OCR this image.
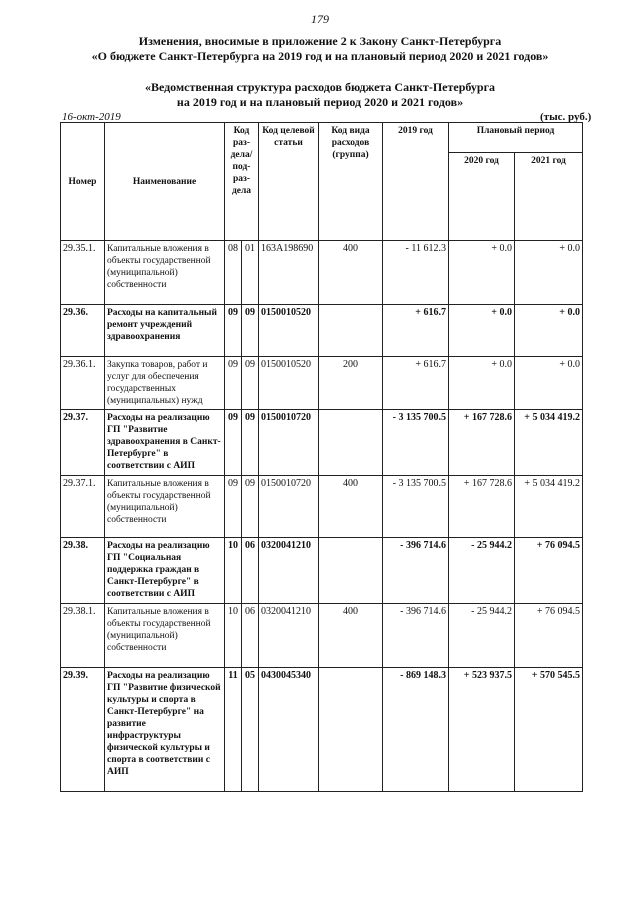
179
Изменения, вносимые в приложение 2 к Закону Санкт-Петербурга
«О бюджете Санкт-Петербурга на 2019 год и на плановый период 2020 и 2021 годов»
«Ведомственная структура расходов бюджета Санкт-Петербурга
на 2019 год и на плановый период 2020 и 2021 годов»
16-окт-2019	(тыс. руб.)
Номер	Наименование	Код раз-дела/ под-раз-дела		Код целевой статьи	Код вида расходов (группа)	2019 год	Плановый период	
							2020 год	2021 год
29.35.1.	Капитальные вложения в объекты государственной (муниципальной) собственности	08	01	163А198690	400	- 11 612.3	+ 0.0	+ 0.0
29.36.	Расходы на капитальный ремонт учреждений здравоохранения	09	09	0150010520		+ 616.7	+ 0.0	+ 0.0
29.36.1.	Закупка товаров, работ и услуг для обеспечения государственных (муниципальных) нужд	09	09	0150010520	200	+ 616.7	+ 0.0	+ 0.0
29.37.	Расходы на реализацию ГП "Развитие здравоохранения в Санкт-Петербурге" в соответствии с АИП	09	09	0150010720		- 3 135 700.5	+ 167 728.6	+ 5 034 419.2
29.37.1.	Капитальные вложения в объекты государственной (муниципальной) собственности	09	09	0150010720	400	- 3 135 700.5	+ 167 728.6	+ 5 034 419.2
29.38.	Расходы на реализацию ГП "Социальная поддержка граждан в Санкт-Петербурге" в соответствии с АИП	10	06	0320041210		- 396 714.6	- 25 944.2	+ 76 094.5
29.38.1.	Капитальные вложения в объекты государственной (муниципальной) собственности	10	06	0320041210	400	- 396 714.6	- 25 944.2	+ 76 094.5
29.39.	Расходы на реализацию ГП "Развитие физической культуры и спорта в Санкт-Петербурге" на развитие инфраструктуры физической культуры и спорта в соответствии с АИП	11	05	0430045340		- 869 148.3	+ 523 937.5	+ 570 545.5
